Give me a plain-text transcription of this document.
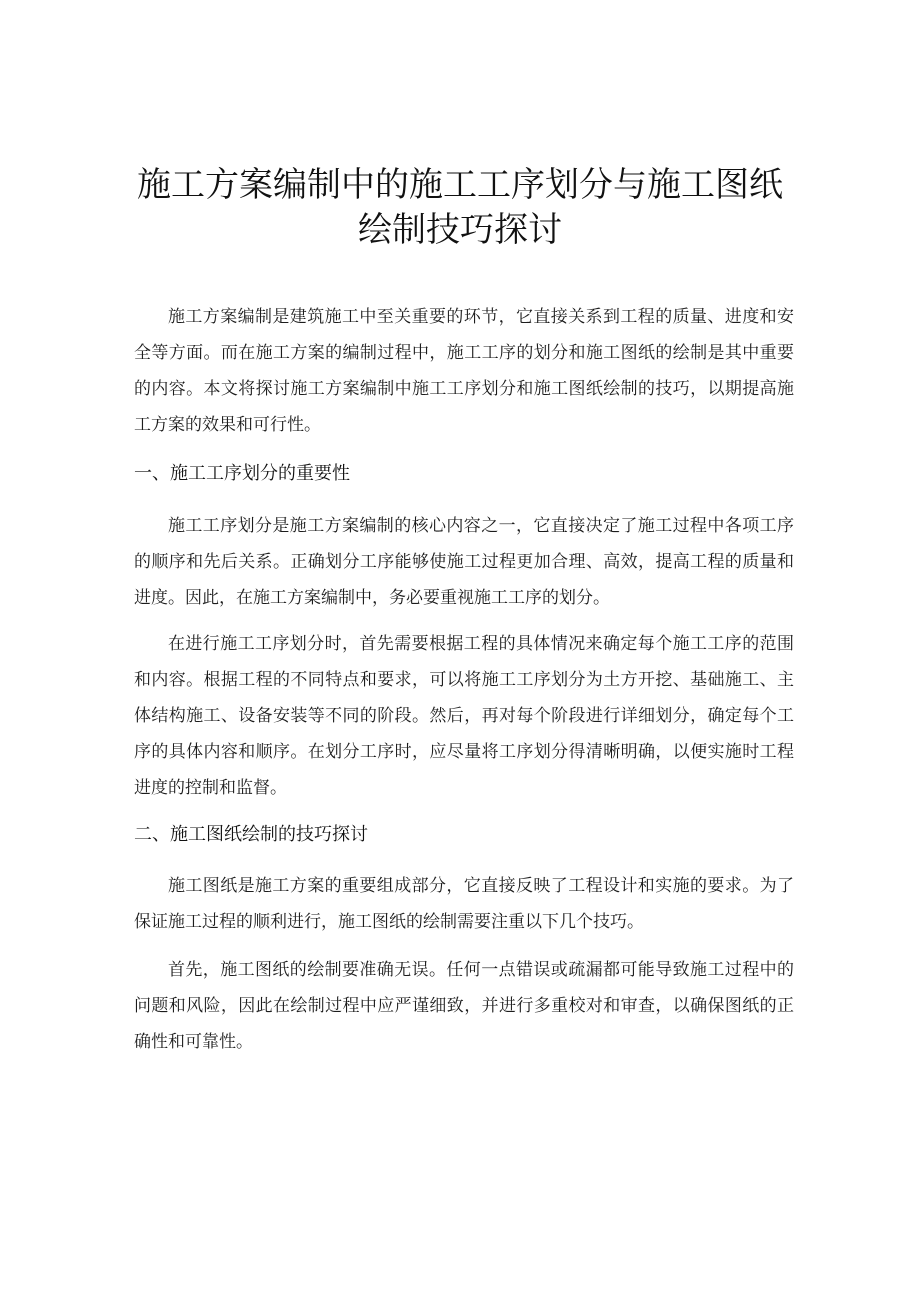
施工方案编制中的施工工序划分与施工图纸
绘制技巧探讨
施工方案编制是建筑施工中至关重要的环节，它直接关系到工程的质量、进度和安全等方面。而在施工方案的编制过程中，施工工序的划分和施工图纸的绘制是其中重要的内容。本文将探讨施工方案编制中施工工序划分和施工图纸绘制的技巧，以期提高施工方案的效果和可行性。
一、施工工序划分的重要性
施工工序划分是施工方案编制的核心内容之一，它直接决定了施工过程中各项工序的顺序和先后关系。正确划分工序能够使施工过程更加合理、高效，提高工程的质量和进度。因此，在施工方案编制中，务必要重视施工工序的划分。
在进行施工工序划分时，首先需要根据工程的具体情况来确定每个施工工序的范围和内容。根据工程的不同特点和要求，可以将施工工序划分为土方开挖、基础施工、主体结构施工、设备安装等不同的阶段。然后，再对每个阶段进行详细划分，确定每个工序的具体内容和顺序。在划分工序时，应尽量将工序划分得清晰明确，以便实施时工程进度的控制和监督。
二、施工图纸绘制的技巧探讨
施工图纸是施工方案的重要组成部分，它直接反映了工程设计和实施的要求。为了保证施工过程的顺利进行，施工图纸的绘制需要注重以下几个技巧。
首先，施工图纸的绘制要准确无误。任何一点错误或疏漏都可能导致施工过程中的问题和风险，因此在绘制过程中应严谨细致，并进行多重校对和审查，以确保图纸的正确性和可靠性。
